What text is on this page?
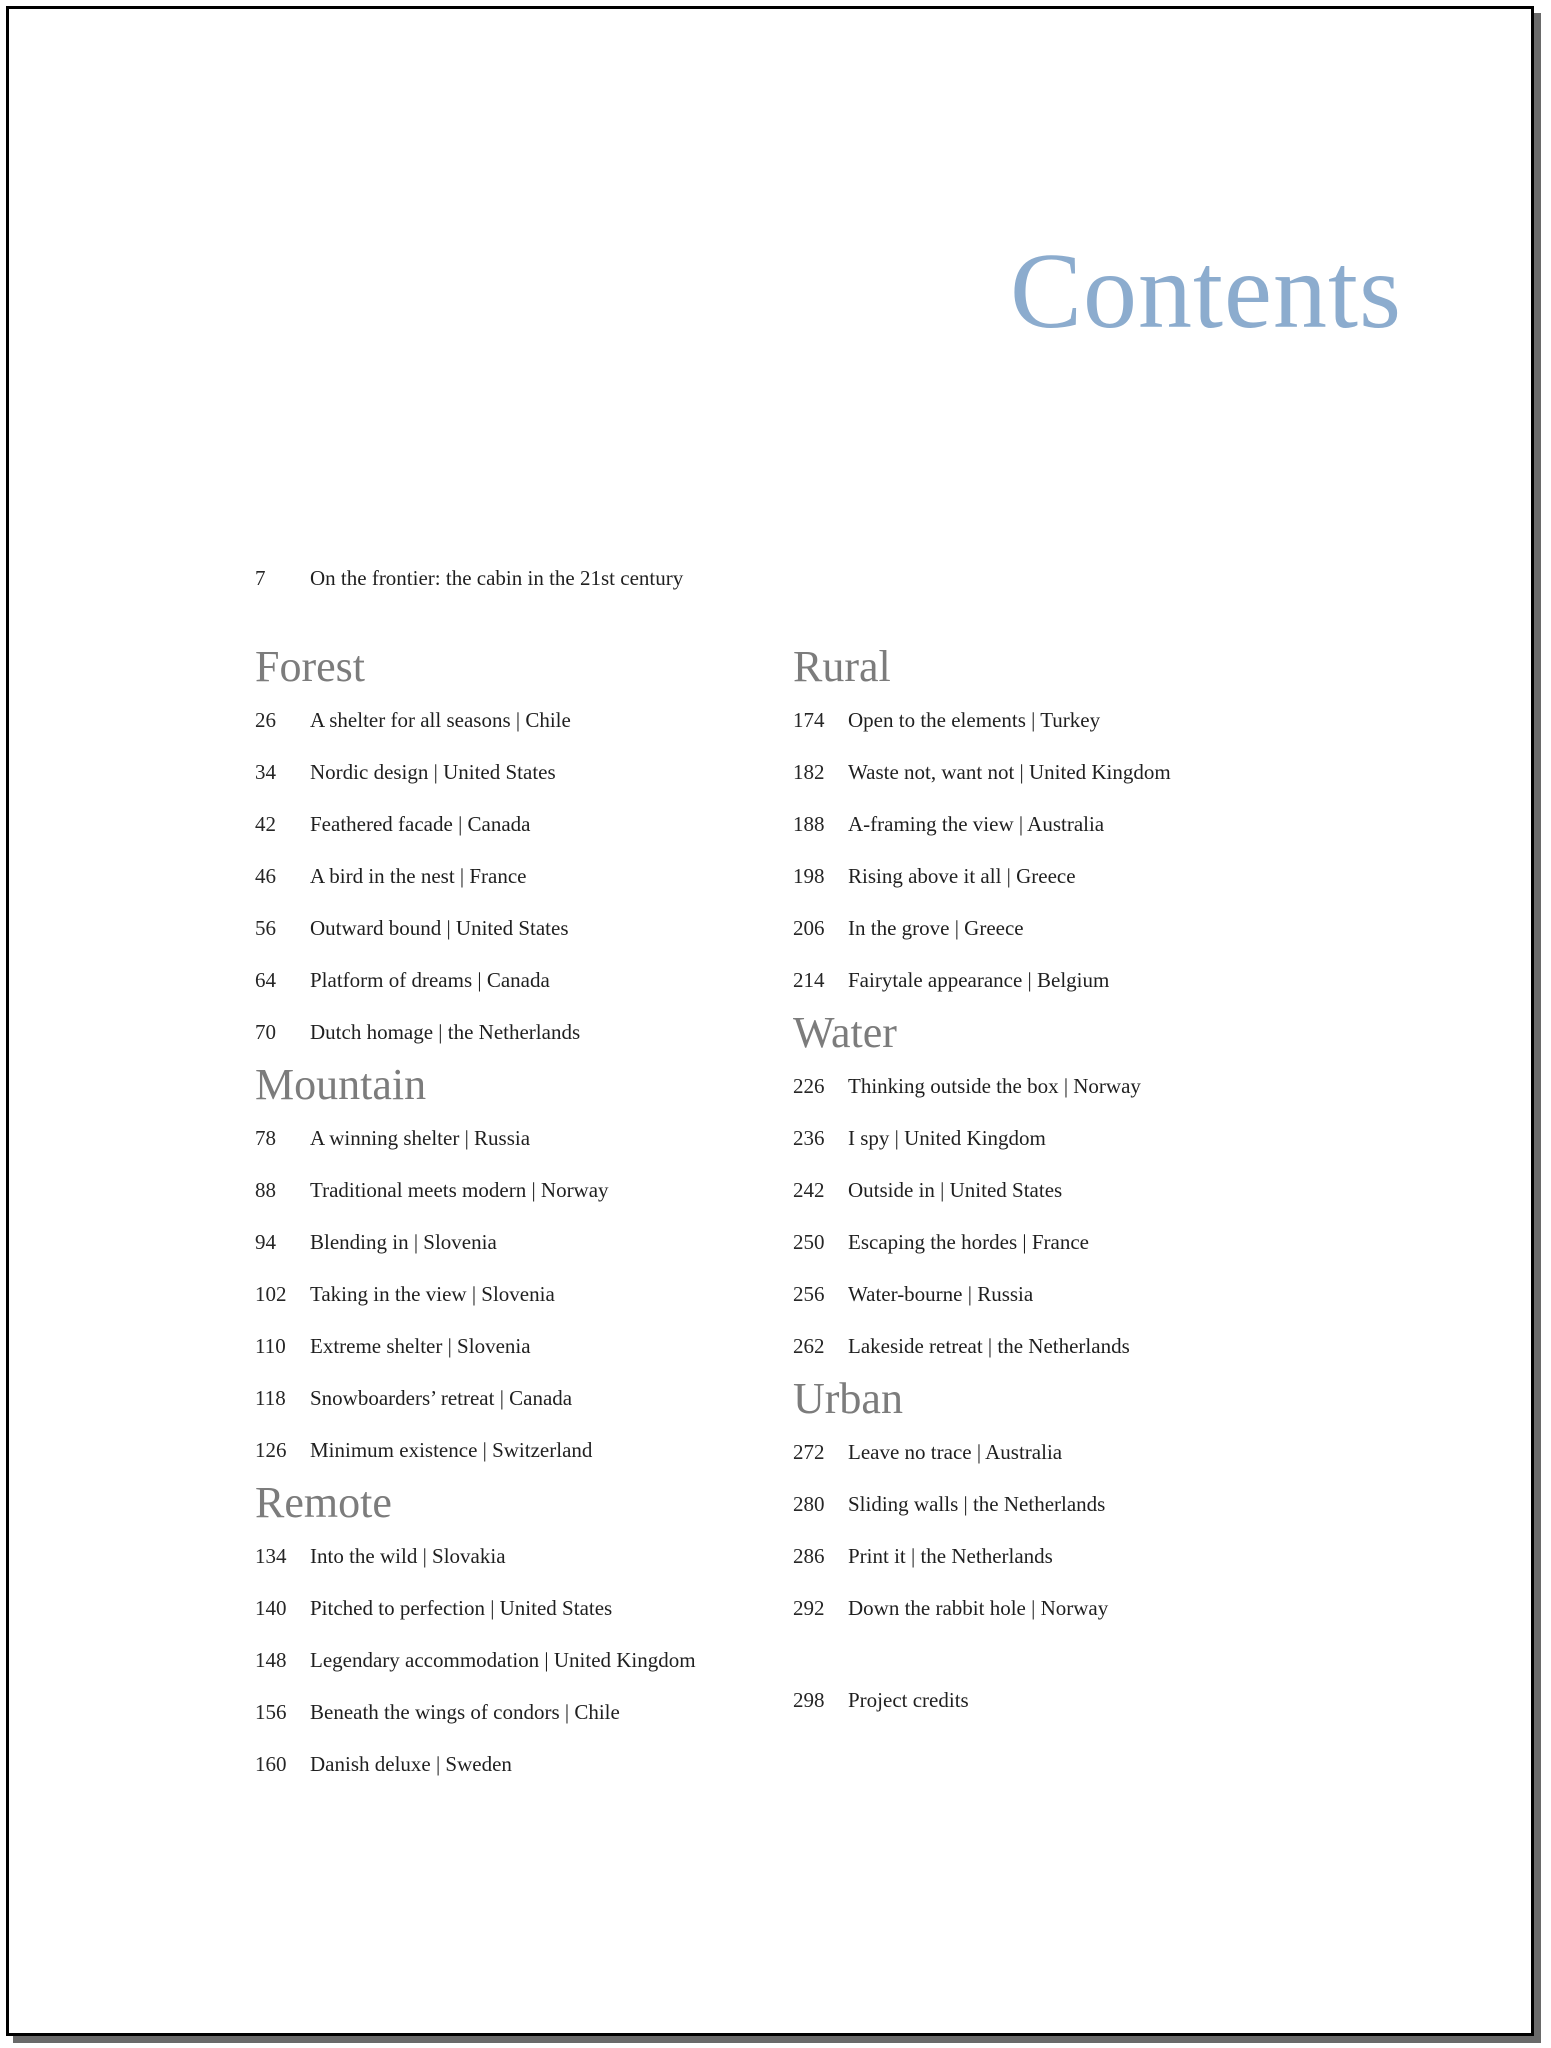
Contents
7	On the frontier: the cabin in the 21st century
Forest
26	A shelter for all seasons | Chile
34	Nordic design | United States
42	Feathered facade | Canada
46	A bird in the nest | France
56	Outward bound | United States
64	Platform of dreams | Canada
70	Dutch homage | the Netherlands
Mountain
78	A winning shelter | Russia
88	Traditional meets modern | Norway
94	Blending in | Slovenia
102	Taking in the view | Slovenia
110	Extreme shelter | Slovenia
118	Snowboarders’ retreat | Canada
126	Minimum existence | Switzerland
Remote
134	Into the wild | Slovakia
140	Pitched to perfection | United States
148	Legendary accommodation | United Kingdom
156	Beneath the wings of condors | Chile
160	Danish deluxe | Sweden
Rural
174	Open to the elements | Turkey
182	Waste not, want not | United Kingdom
188	A-framing the view | Australia
198	Rising above it all | Greece
206	In the grove | Greece
214	Fairytale appearance | Belgium
Water
226	Thinking outside the box | Norway
236	I spy | United Kingdom
242	Outside in | United States
250	Escaping the hordes | France
256	Water-bourne | Russia
262	Lakeside retreat | the Netherlands
Urban
272	Leave no trace | Australia
280	Sliding walls | the Netherlands
286	Print it | the Netherlands
292	Down the rabbit hole | Norway
298	Project credits
